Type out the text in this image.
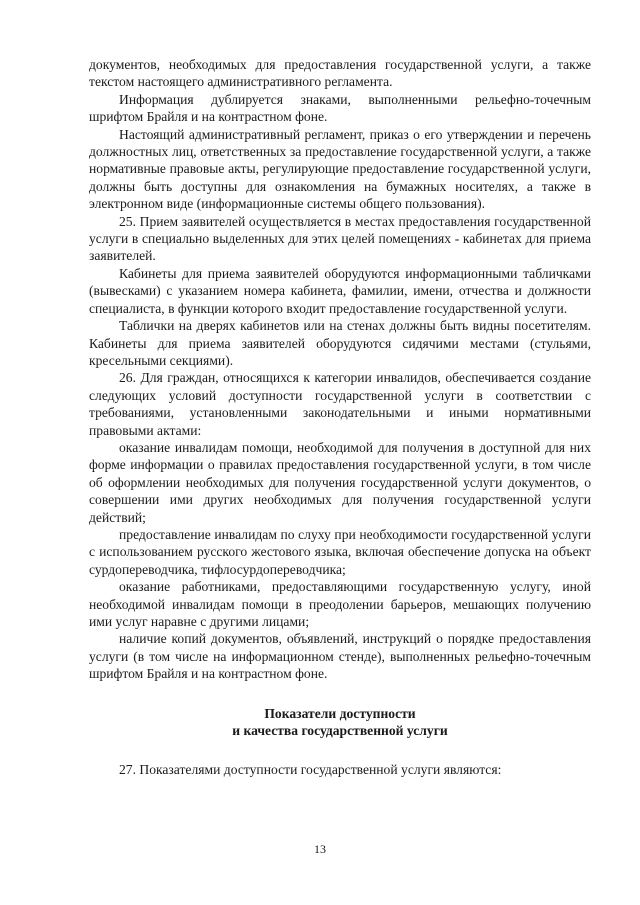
документов, необходимых для предоставления государственной услуги, а также текстом настоящего административного регламента.

Информация дублируется знаками, выполненными рельефно-точечным шрифтом Брайля и на контрастном фоне.

Настоящий административный регламент, приказ о его утверждении и перечень должностных лиц, ответственных за предоставление государственной услуги, а также нормативные правовые акты, регулирующие предоставление государственной услуги, должны быть доступны для ознакомления на бумажных носителях, а также в электронном виде (информационные системы общего пользования).

25. Прием заявителей осуществляется в местах предоставления государственной услуги в специально выделенных для этих целей помещениях - кабинетах для приема заявителей.

Кабинеты для приема заявителей оборудуются информационными табличками (вывесками) с указанием номера кабинета, фамилии, имени, отчества и должности специалиста, в функции которого входит предоставление государственной услуги.

Таблички на дверях кабинетов или на стенах должны быть видны посетителям. Кабинеты для приема заявителей оборудуются сидячими местами (стульями, кресельными секциями).

26. Для граждан, относящихся к категории инвалидов, обеспечивается создание следующих условий доступности государственной услуги в соответствии с требованиями, установленными законодательными и иными нормативными правовыми актами:

оказание инвалидам помощи, необходимой для получения в доступной для них форме информации о правилах предоставления государственной услуги, в том числе об оформлении необходимых для получения государственной услуги документов, о совершении ими других необходимых для получения государственной услуги действий;

предоставление инвалидам по слуху при необходимости государственной услуги с использованием русского жестового языка, включая обеспечение допуска на объект сурдопереводчика, тифлосурдопереводчика;

оказание работниками, предоставляющими государственную услугу, иной необходимой инвалидам помощи в преодолении барьеров, мешающих получению ими услуг наравне с другими лицами;

наличие копий документов, объявлений, инструкций о порядке предоставления услуги (в том числе на информационном стенде), выполненных рельефно-точечным шрифтом Брайля и на контрастном фоне.

Показатели доступности
и качества государственной услуги

27. Показателями доступности государственной услуги являются:

13
